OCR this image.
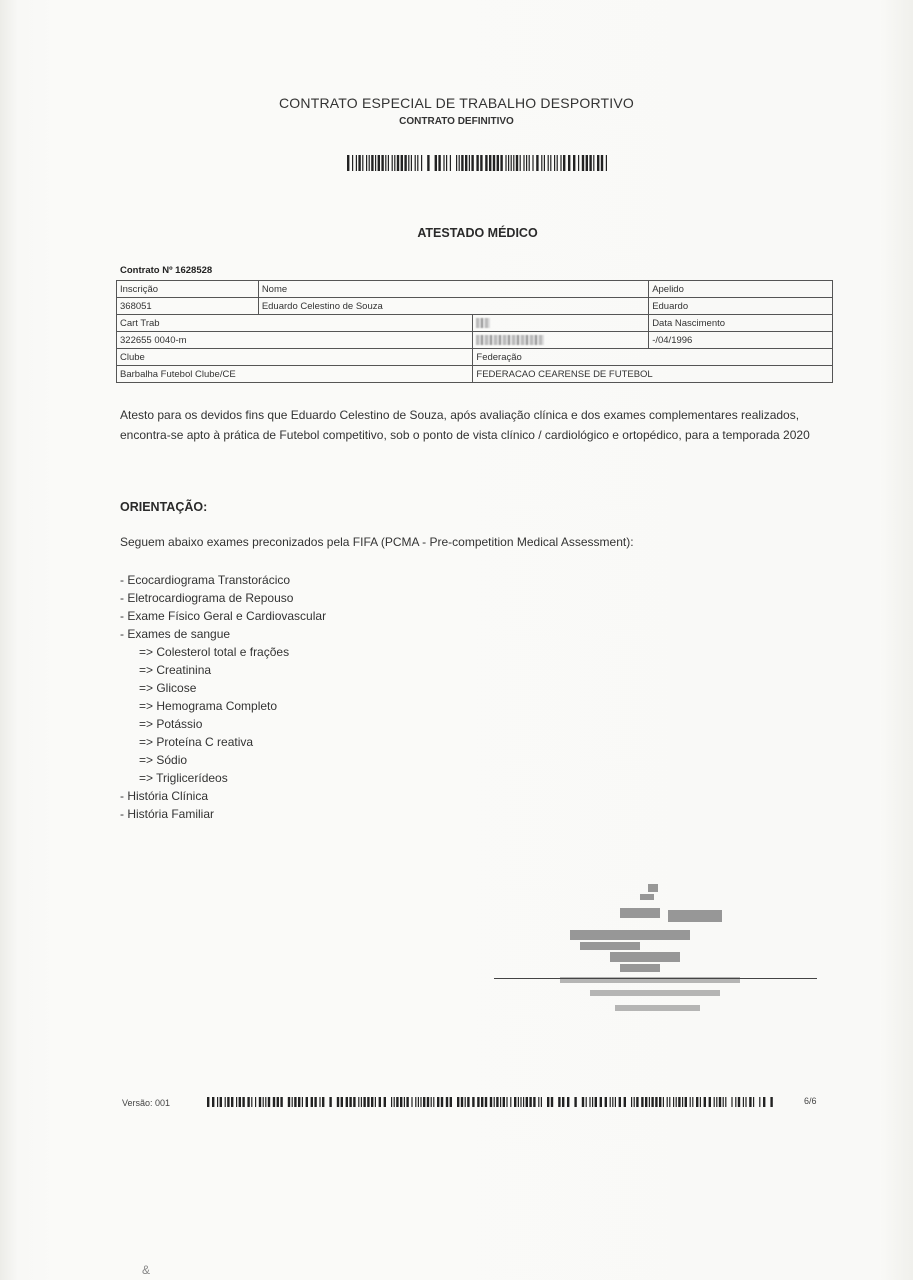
CONTRATO ESPECIAL DE TRABALHO DESPORTIVO
CONTRATO DEFINITIVO
ATESTADO MÉDICO
Contrato Nº 1628528
Inscrição	Nome		Apelido
368051	Eduardo Celestino de Souza		Eduardo
Cart Trab			Data Nascimento
322655 0040-m			-/04/1996
Clube		Federação	
Barbalha Futebol Clube/CE		FEDERACAO CEARENSE DE FUTEBOL	
Atesto para os devidos fins que Eduardo Celestino de Souza, após avaliação clínica e dos exames complementares realizados, encontra-se apto à prática de Futebol competitivo, sob o ponto de vista clínico / cardiológico e ortopédico, para a temporada 2020
ORIENTAÇÃO:
Seguem abaixo exames preconizados pela FIFA (PCMA - Pre-competition Medical Assessment):
- Ecocardiograma Transtorácico
- Eletrocardiograma de Repouso
- Exame Físico Geral e Cardiovascular
- Exames de sangue
=> Colesterol total e frações
=> Creatinina
=> Glicose
=> Hemograma Completo
=> Potássio
=> Proteína C reativa
=> Sódio
=> Triglicerídeos
- História Clínica
- História Familiar
Versão: 001	6/6
&
